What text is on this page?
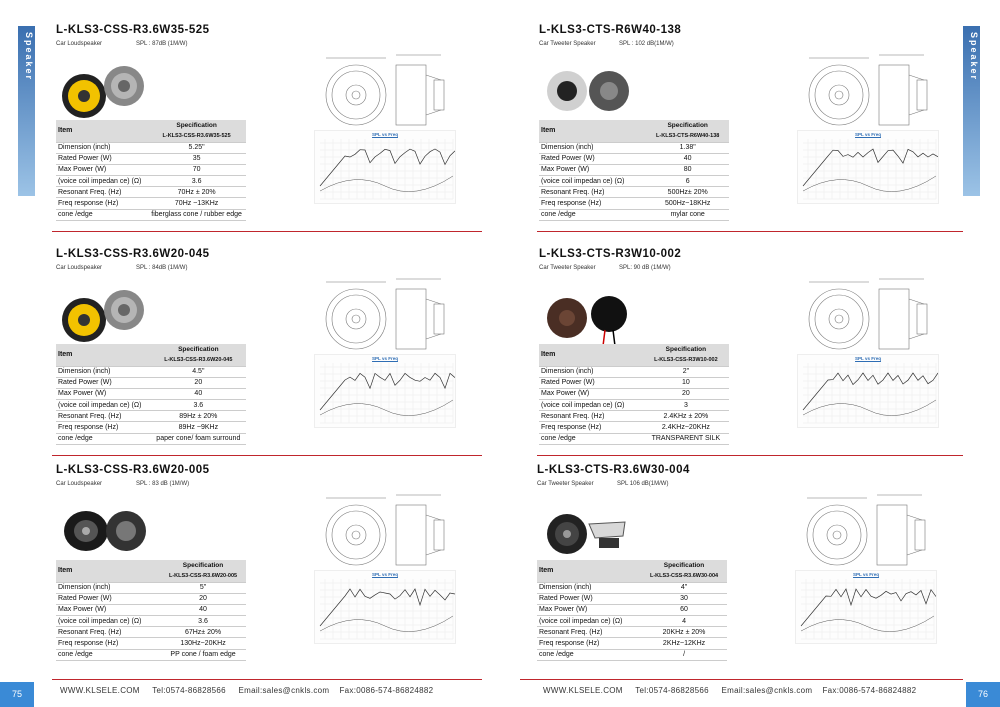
Speaker	Speaker
L-KLS3-CSS-R3.6W35-525
Car Loudspeaker	SPL : 87dB (1M/W)
Item	Specification
L-KLS3-CSS-R3.6W35-525

Dimension (inch)	5.25"
Rated Power (W)	35
Max Power (W)	70
(voice coil impedan ce) (Ω)	3.6
Resonant Freq. (Hz)	70Hz ± 20%
Freq response (Hz)	70Hz ~13KHz
cone /edge	fiberglass cone / rubber edge
SPL vs Freq
L-KLS3-CTS-R6W40-138
Car Tweeter Speaker	SPL : 102 dB(1M/W)
Item	Specification
L-KLS3-CTS-R6W40-138

Dimension (inch)	1.38"
Rated Power (W)	40
Max Power (W)	80
(voice coil impedan ce) (Ω)	6
Resonant Freq. (Hz)	500Hz± 20%
Freq response (Hz)	500Hz~18KHz
cone /edge	mylar cone
SPL vs Freq
L-KLS3-CSS-R3.6W20-045
Car Loudspeaker	SPL : 84dB (1M/W)
Item	Specification
L-KLS3-CSS-R3.6W20-045

Dimension (inch)	4.5"
Rated Power (W)	20
Max Power (W)	40
(voice coil impedan ce) (Ω)	3.6
Resonant Freq. (Hz)	89Hz ± 20%
Freq response (Hz)	89Hz ~9KHz
cone /edge	paper cone/ foam surround
SPL vs Freq
L-KLS3-CTS-R3W10-002
Car Tweeter Speaker	SPL: 90 dB (1M/W)
Item	Specification
L-KLS3-CSS-R3W10-002

Dimension (inch)	2"
Rated Power (W)	10
Max Power (W)	20
(voice coil impedan ce) (Ω)	3
Resonant Freq. (Hz)	2.4KHz ± 20%
Freq response (Hz)	2.4KHz~20KHz
cone /edge	TRANSPARENT SILK
SPL vs Freq
L-KLS3-CSS-R3.6W20-005
Car Loudspeaker	SPL : 83 dB (1M/W)
Item	Specification
L-KLS3-CSS-R3.6W20-005

Dimension (inch)	5"
Rated Power (W)	20
Max Power (W)	40
(voice coil impedan ce) (Ω)	3.6
Resonant Freq. (Hz)	67Hz± 20%
Freq response (Hz)	130Hz~20KHz
cone /edge	PP cone / foam edge
SPL vs Freq
L-KLS3-CTS-R3.6W30-004
Car Tweeter Speaker	SPL 106 dB(1M/W)
Item	Specification
L-KLS3-CSS-R3.6W30-004

Dimension (inch)	4"
Rated Power (W)	30
Max Power (W)	60
(voice coil impedan ce) (Ω)	4
Resonant Freq. (Hz)	20KHz ± 20%
Freq response (Hz)	2KHz~12KHz
cone /edge	/
SPL vs Freq
75	76
WWW.KLSELE.COM Tel:0574-86828566 Email:sales@cnkls.com Fax:0086-574-86824882	WWW.KLSELE.COM Tel:0574-86828566 Email:sales@cnkls.com Fax:0086-574-86824882
